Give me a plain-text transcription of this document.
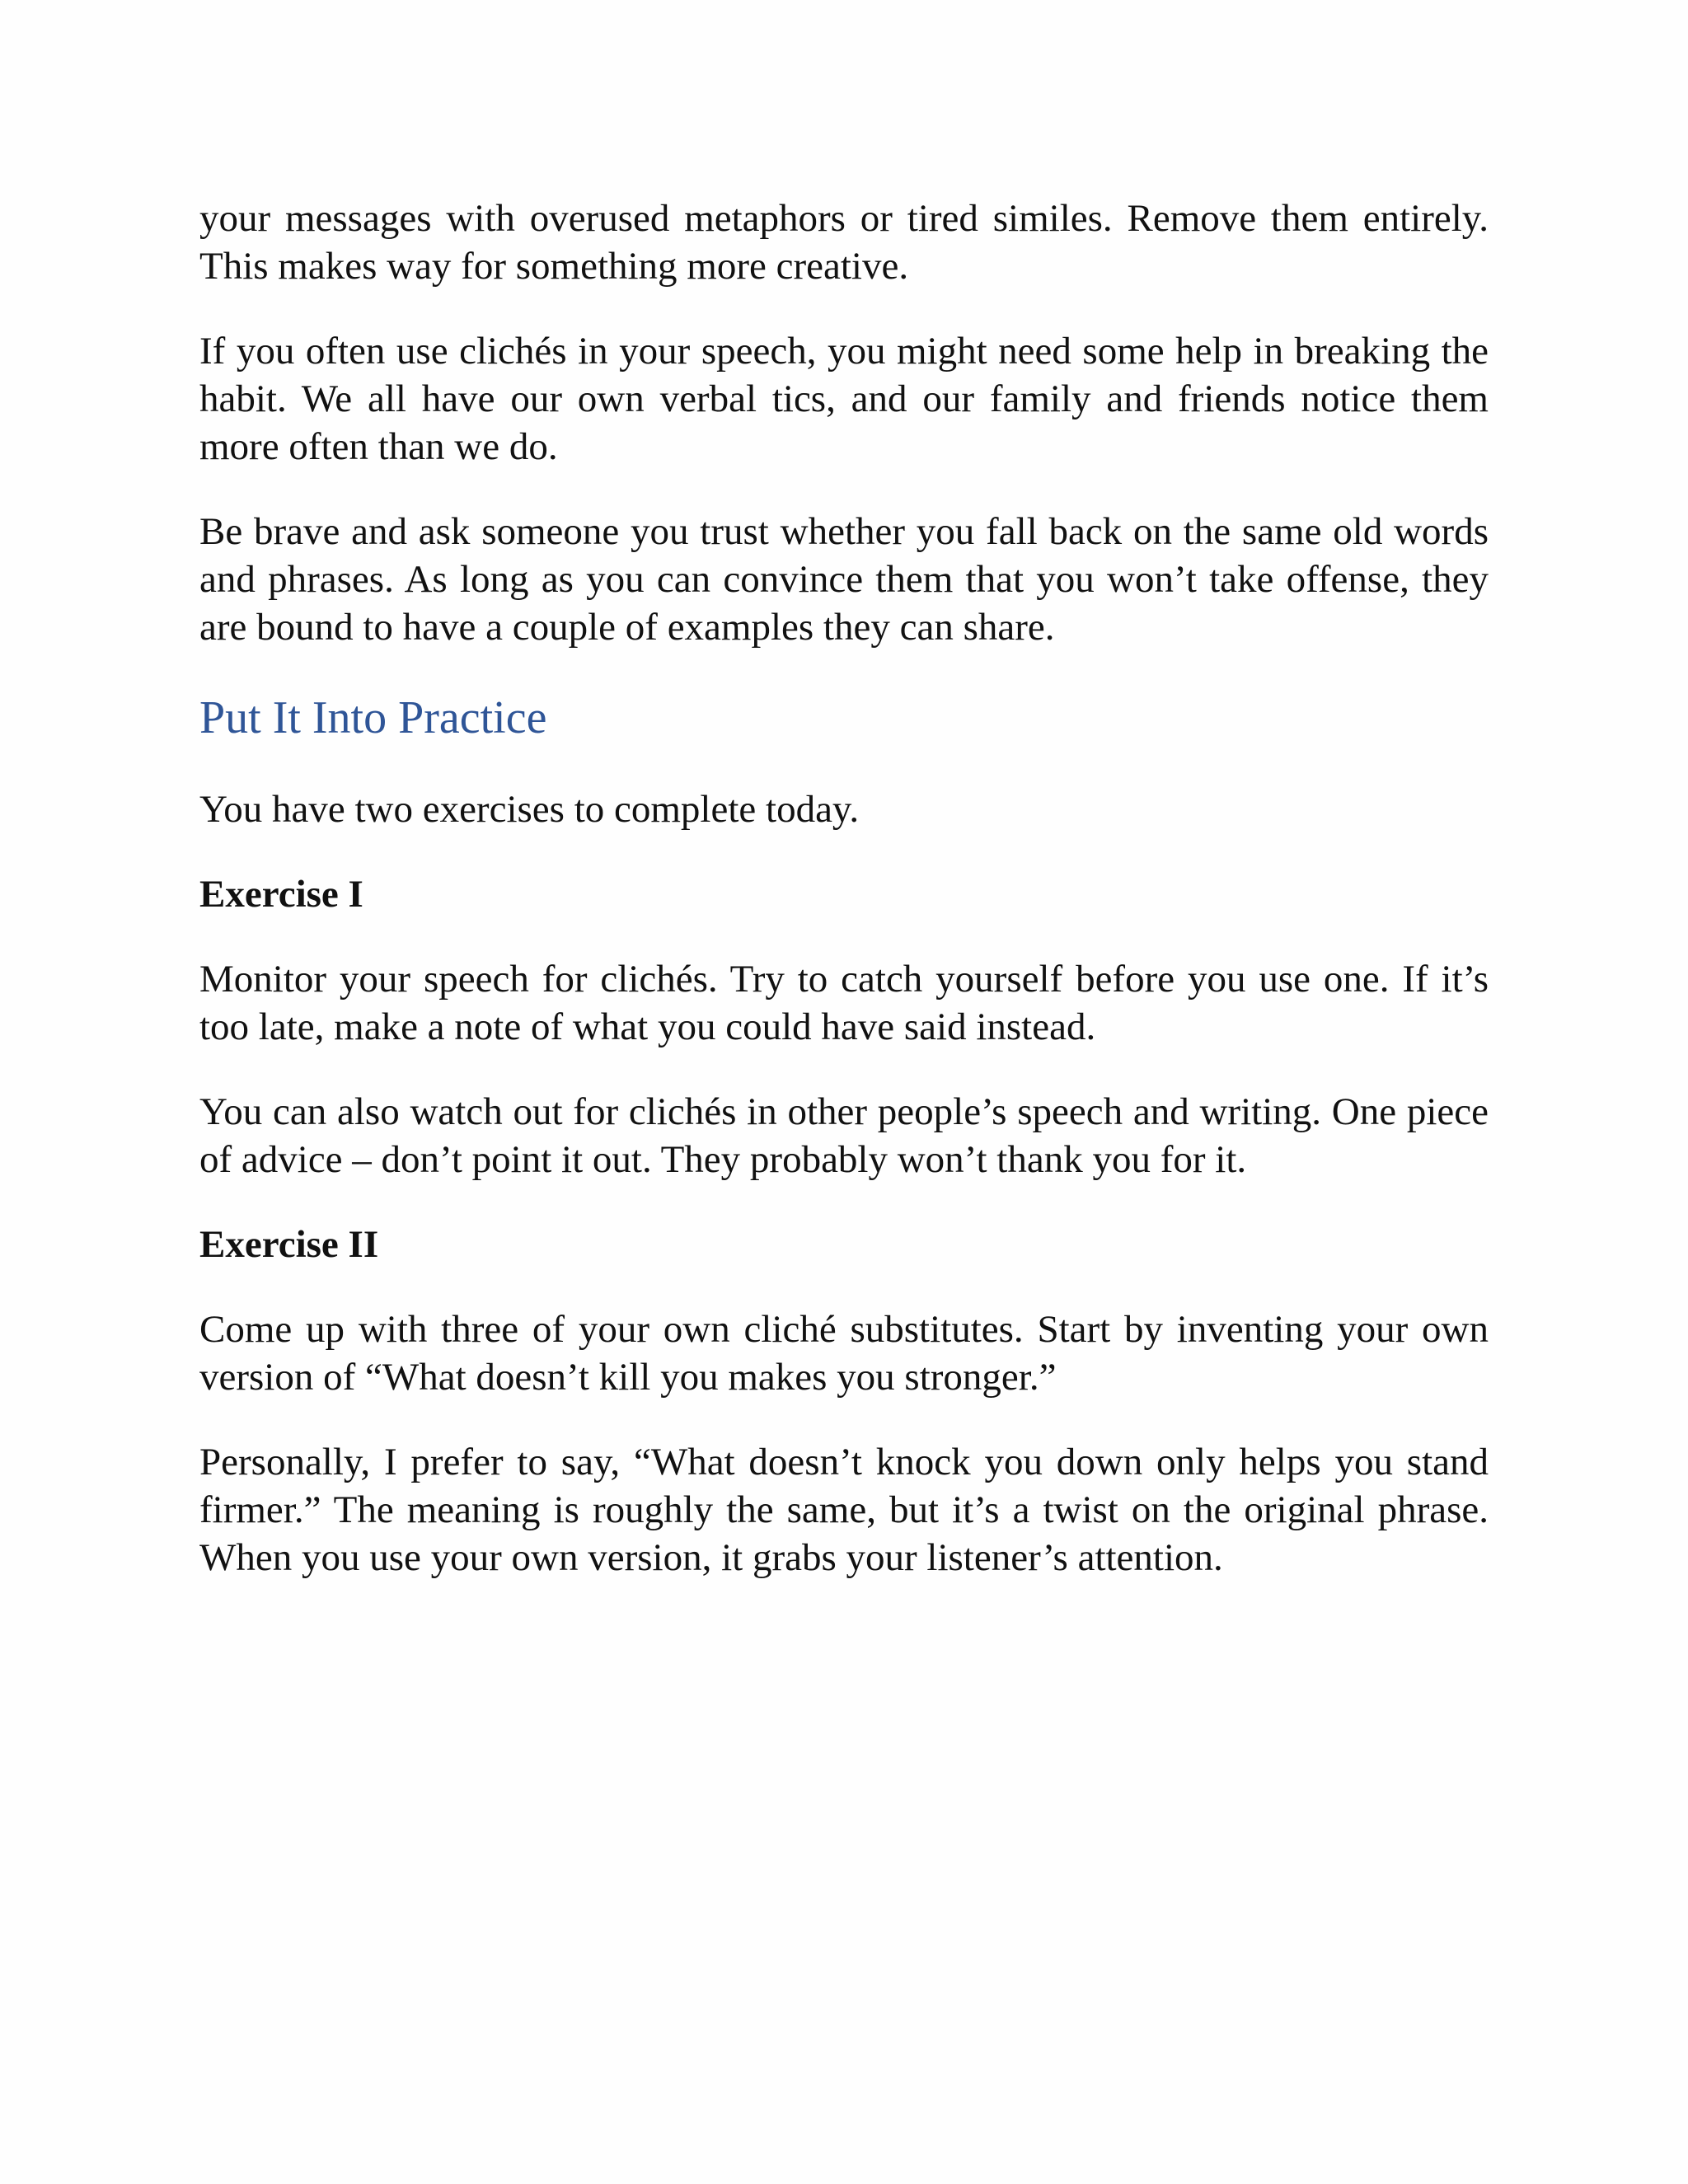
your messages with overused metaphors or tired similes. Remove them entirely. This makes way for something more creative.

If you often use clichés in your speech, you might need some help in breaking the habit. We all have our own verbal tics, and our family and friends notice them more often than we do.

Be brave and ask someone you trust whether you fall back on the same old words and phrases. As long as you can convince them that you won’t take offense, they are bound to have a couple of examples they can share.

Put It Into Practice

You have two exercises to complete today.

Exercise I

Monitor your speech for clichés. Try to catch yourself before you use one. If it’s too late, make a note of what you could have said instead.

You can also watch out for clichés in other people’s speech and writing. One piece of advice – don’t point it out. They probably won’t thank you for it.

Exercise II

Come up with three of your own cliché substitutes. Start by inventing your own version of “What doesn’t kill you makes you stronger.”

Personally, I prefer to say, “What doesn’t knock you down only helps you stand firmer.” The meaning is roughly the same, but it’s a twist on the original phrase. When you use your own version, it grabs your listener’s attention.
